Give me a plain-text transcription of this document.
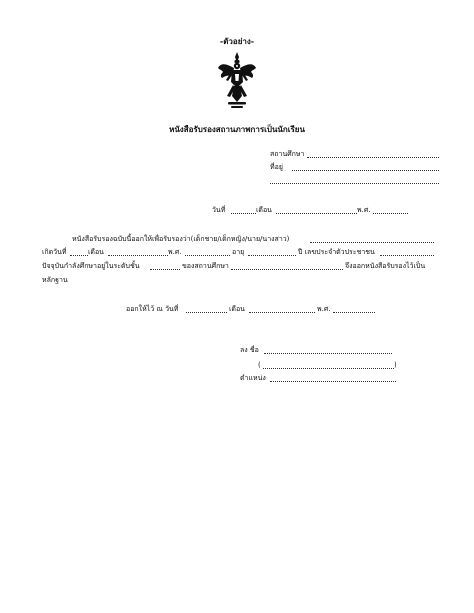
-ตัวอย่าง-
หนังสือรับรองสถานภาพการเป็นนักเรียน
สถานศึกษา
ที่อยู่
วันที่	เดือน	พ.ศ.
หนังสือรับรองฉบับนี้ออกให้เพื่อรับรองว่า(เด็กชาย/เด็กหญิง/นาย/นางสาว)
เกิดวันที่	เดือน	พ.ศ.	อายุ	ปี เลขประจำตัวประชาชน
ปัจจุบันกำลังศึกษาอยู่ในระดับชั้น	ของสถานศึกษา	จึงออกหนังสือรับรองไว้เป็น
หลักฐาน
ออกให้ไว้ ณ วันที่	เดือน	พ.ศ.
ลง ชื่อ
(	)
ตำแหน่ง
